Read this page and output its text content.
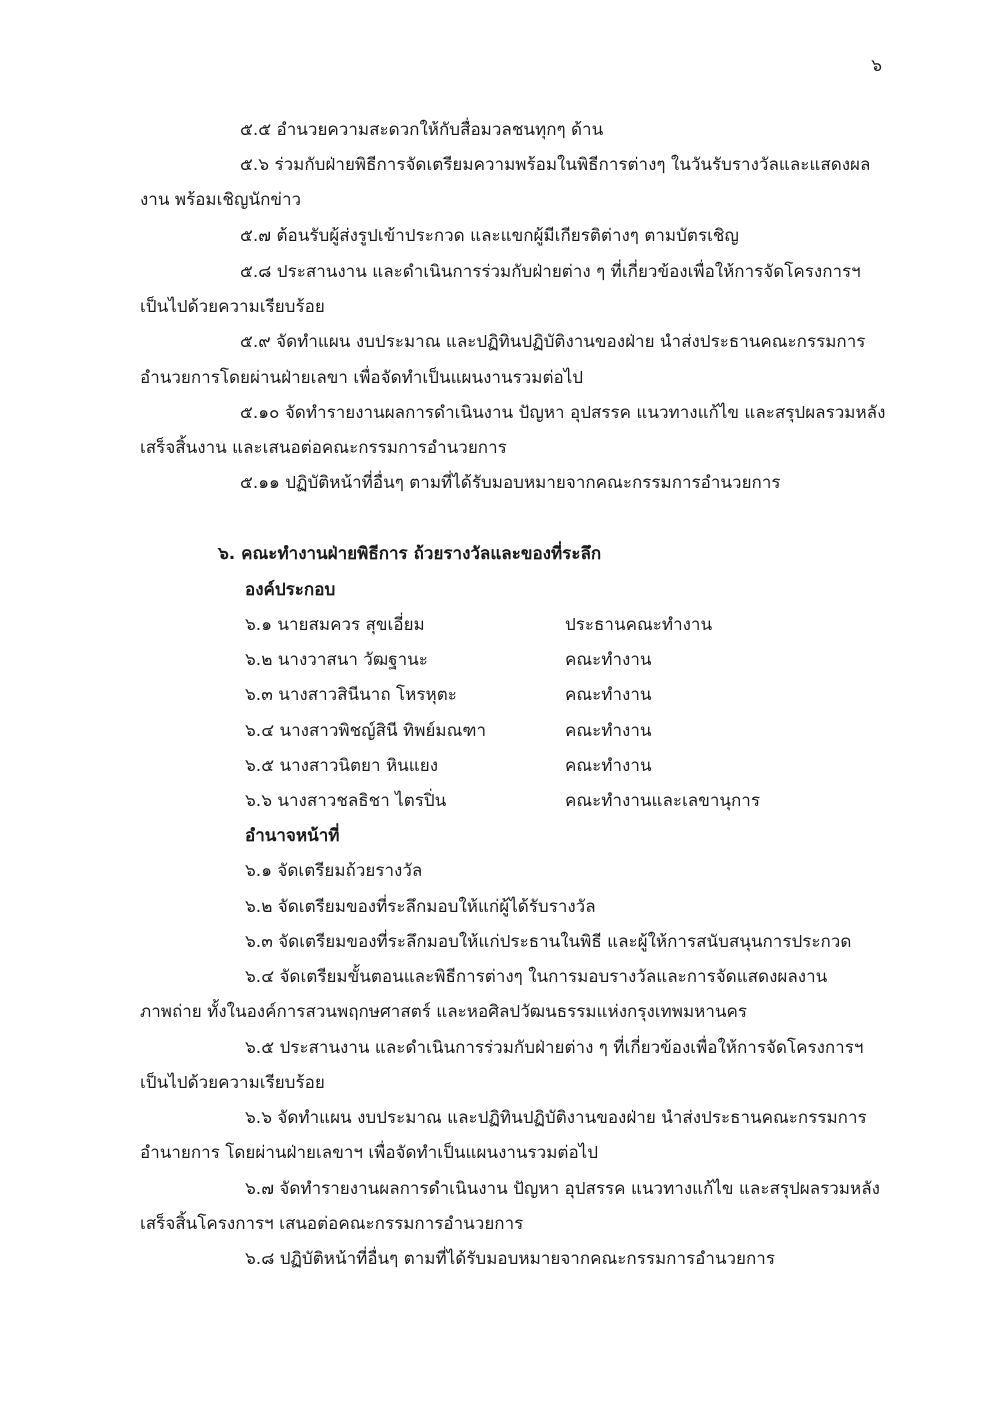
๖
๕.๕ อำนวยความสะดวกให้กับสื่อมวลชนทุกๆ ด้าน
๕.๖ ร่วมกับฝ่ายพิธีการจัดเตรียมความพร้อมในพิธีการต่างๆ ในวันรับรางวัลและแสดงผล
งาน พร้อมเชิญนักข่าว
๕.๗ ต้อนรับผู้ส่งรูปเข้าประกวด และแขกผู้มีเกียรติต่างๆ ตามบัตรเชิญ
๕.๘ ประสานงาน และดำเนินการร่วมกับฝ่ายต่าง ๆ ที่เกี่ยวข้องเพื่อให้การจัดโครงการฯ
เป็นไปด้วยความเรียบร้อย
๕.๙ จัดทำแผน งบประมาณ และปฏิทินปฏิบัติงานของฝ่าย นำส่งประธานคณะกรรมการ
อำนวยการโดยผ่านฝ่ายเลขา เพื่อจัดทำเป็นแผนงานรวมต่อไป
๕.๑๐ จัดทำรายงานผลการดำเนินงาน ปัญหา อุปสรรค แนวทางแก้ไข และสรุปผลรวมหลัง
เสร็จสิ้นงาน และเสนอต่อคณะกรรมการอำนวยการ
๕.๑๑ ปฏิบัติหน้าที่อื่นๆ ตามที่ได้รับมอบหมายจากคณะกรรมการอำนวยการ
๖. คณะทำงานฝ่ายพิธีการ ถ้วยรางวัลและของที่ระลึก
องค์ประกอบ
๖.๑ นายสมควร สุขเอี่ยม	ประธานคณะทำงาน
๖.๒ นางวาสนา วัฒฐานะ	คณะทำงาน
๖.๓ นางสาวสินีนาถ โหรหุตะ	คณะทำงาน
๖.๔ นางสาวพิชญ์สินี ทิพย์มณฑา	คณะทำงาน
๖.๕ นางสาวนิตยา หินแยง	คณะทำงาน
๖.๖ นางสาวชลธิชา ไตรปิ่น	คณะทำงานและเลขานุการ
อำนาจหน้าที่
๖.๑ จัดเตรียมถ้วยรางวัล
๖.๒ จัดเตรียมของที่ระลึกมอบให้แก่ผู้ได้รับรางวัล
๖.๓ จัดเตรียมของที่ระลึกมอบให้แก่ประธานในพิธี และผู้ให้การสนับสนุนการประกวด
๖.๔ จัดเตรียมขั้นตอนและพิธีการต่างๆ ในการมอบรางวัลและการจัดแสดงผลงาน
ภาพถ่าย ทั้งในองค์การสวนพฤกษศาสตร์ และหอศิลปวัฒนธรรมแห่งกรุงเทพมหานคร
๖.๕ ประสานงาน และดำเนินการร่วมกับฝ่ายต่าง ๆ ที่เกี่ยวข้องเพื่อให้การจัดโครงการฯ
เป็นไปด้วยความเรียบร้อย
๖.๖ จัดทำแผน งบประมาณ และปฏิทินปฏิบัติงานของฝ่าย นำส่งประธานคณะกรรมการ
อำนายการ โดยผ่านฝ่ายเลขาฯ เพื่อจัดทำเป็นแผนงานรวมต่อไป
๖.๗ จัดทำรายงานผลการดำเนินงาน ปัญหา อุปสรรค แนวทางแก้ไข และสรุปผลรวมหลัง
เสร็จสิ้นโครงการฯ เสนอต่อคณะกรรมการอำนวยการ
๖.๘ ปฏิบัติหน้าที่อื่นๆ ตามที่ได้รับมอบหมายจากคณะกรรมการอำนวยการ
